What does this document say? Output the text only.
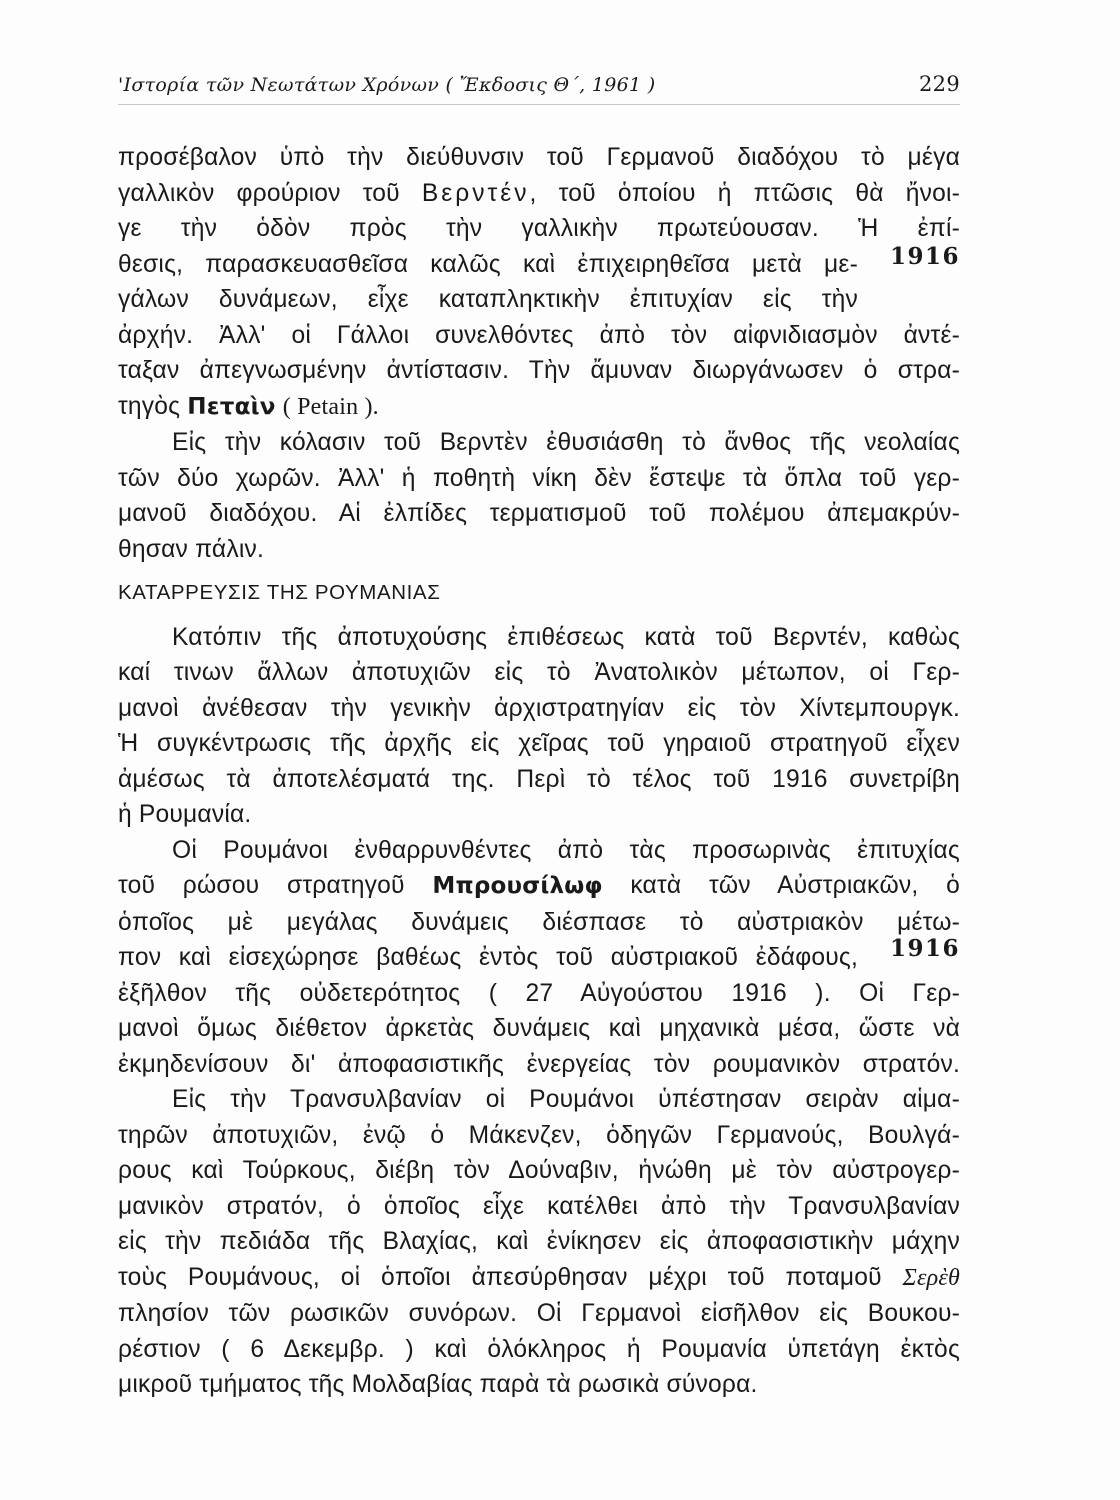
'Ιστορία τῶν Νεωτάτων Χρόνων ( Ἔκδοσις Θ΄, 1961 )	229
1916
1916

προσέβαλον ὑπὸ τὴν διεύθυνσιν τοῦ Γερμανοῦ διαδόχου τὸ μέγα

γαλλικὸν φρούριον τοῦ Βερντέν, τοῦ ὁποίου ἡ πτῶσις θὰ ἤνοι-

γε τὴν ὁδὸν πρὸς τὴν γαλλικὴν πρωτεύουσαν. Ἡ ἐπί-

θεσις, παρασκευασθεῖσα καλῶς καὶ ἐπιχειρηθεῖσα μετὰ με-

γάλων δυνάμεων, εἶχε καταπληκτικὴν ἐπιτυχίαν εἰς τὴν

ἀρχήν. Ἀλλ' οἱ Γάλλοι συνελθόντες ἀπὸ τὸν αἰφνιδιασμὸν ἀντέ-

ταξαν ἀπεγνωσμένην ἀντίστασιν. Τὴν ἄμυναν διωργάνωσεν ὁ στρα-

τηγὸς Πεταὶν ( Petain ).

Εἰς τὴν κόλασιν τοῦ Βερντὲν ἐθυσιάσθη τὸ ἄνθος τῆς νεολαίας

τῶν δύο χωρῶν. Ἀλλ' ἡ ποθητὴ νίκη δὲν ἔστεψε τὰ ὅπλα τοῦ γερ-

μανοῦ διαδόχου. Αἱ ἐλπίδες τερματισμοῦ τοῦ πολέμου ἀπεμακρύν-

θησαν πάλιν.

ΚΑΤΑΡΡΕΥΣΙΣ ΤΗΣ ΡΟΥΜΑΝΙΑΣ

Κατόπιν τῆς ἀποτυχούσης ἐπιθέσεως κατὰ τοῦ Βερντέν, καθὼς

καί τινων ἄλλων ἀποτυχιῶν εἰς τὸ Ἀνατολικὸν μέτωπον, οἱ Γερ-

μανοὶ ἀνέθεσαν τὴν γενικὴν ἀρχιστρατηγίαν εἰς τὸν Χίντεμπουργκ.

Ἡ συγκέντρωσις τῆς ἀρχῆς εἰς χεῖρας τοῦ γηραιοῦ στρατηγοῦ εἶχεν

ἀμέσως τὰ ἀποτελέσματά της. Περὶ τὸ τέλος τοῦ 1916 συνετρίβη

ἡ Ρουμανία.

Οἱ Ρουμάνοι ἐνθαρρυνθέντες ἀπὸ τὰς προσωρινὰς ἐπιτυχίας

τοῦ ρώσου στρατηγοῦ Μπρουσίλωφ κατὰ τῶν Αὐστριακῶν, ὁ

ὁποῖος μὲ μεγάλας δυνάμεις διέσπασε τὸ αὐστριακὸν μέτω-

πον καὶ εἰσεχώρησε βαθέως ἐντὸς τοῦ αὐστριακοῦ ἐδάφους,

ἐξῆλθον τῆς οὐδετερότητος ( 27 Αὐγούστου 1916 ). Οἱ Γερ-

μανοὶ ὅμως διέθετον ἀρκετὰς δυνάμεις καὶ μηχανικὰ μέσα, ὥστε νὰ

ἐκμηδενίσουν δι' ἀποφασιστικῆς ἐνεργείας τὸν ρουμανικὸν στρατόν.

Εἰς τὴν Τρανσυλβανίαν οἱ Ρουμάνοι ὑπέστησαν σειρὰν αἱμα-

τηρῶν ἀποτυχιῶν, ἐνῷ ὁ Μάκενζεν, ὁδηγῶν Γερμανούς, Βουλγά-

ρους καὶ Τούρκους, διέβη τὸν Δούναβιν, ἡνώθη μὲ τὸν αὐστρογερ-

μανικὸν στρατόν, ὁ ὁποῖος εἶχε κατέλθει ἀπὸ τὴν Τρανσυλβανίαν

εἰς τὴν πεδιάδα τῆς Βλαχίας, καὶ ἐνίκησεν εἰς ἀποφασιστικὴν μάχην

τοὺς Ρουμάνους, οἱ ὁποῖοι ἀπεσύρθησαν μέχρι τοῦ ποταμοῦ Σερὲθ

πλησίον τῶν ρωσικῶν συνόρων. Οἱ Γερμανοὶ εἰσῆλθον εἰς Βουκου-

ρέστιον ( 6 Δεκεμβρ. ) καὶ ὁλόκληρος ἡ Ρουμανία ὑπετάγη ἐκτὸς

μικροῦ τμήματος τῆς Μολδαβίας παρὰ τὰ ρωσικὰ σύνορα.
